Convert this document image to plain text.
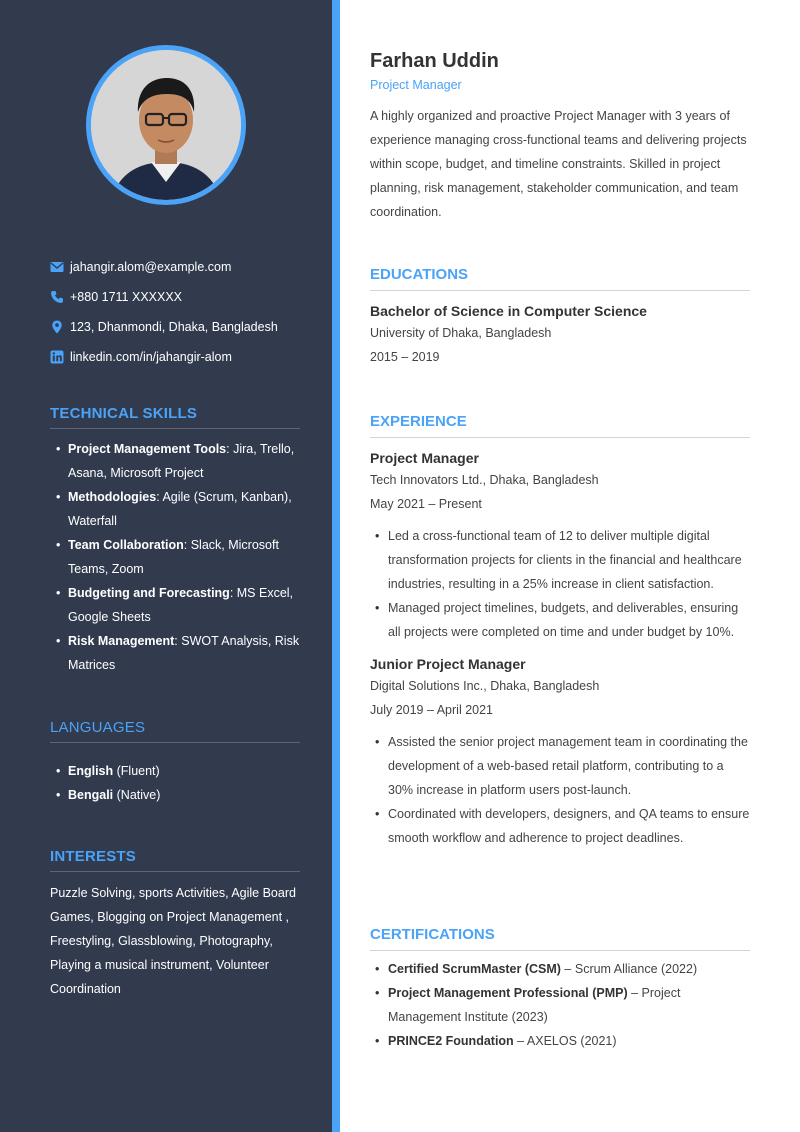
jahangir.alom@example.com
+880 1711 XXXXXX
123, Dhanmondi, Dhaka, Bangladesh
linkedin.com/in/jahangir-alom
TECHNICAL SKILLS
• Project Management Tools: Jira, Trello, Asana, Microsoft Project
• Methodologies: Agile (Scrum, Kanban), Waterfall
• Team Collaboration: Slack, Microsoft Teams, Zoom
• Budgeting and Forecasting: MS Excel, Google Sheets
• Risk Management: SWOT Analysis, Risk Matrices
LANGUAGES
• English (Fluent)
• Bengali (Native)
INTERESTS
Puzzle Solving, sports Activities, Agile Board Games, Blogging on Project Management , Freestyling, Glassblowing, Photography, Playing a musical instrument, Volunteer Coordination
Farhan Uddin
Project Manager
A highly organized and proactive Project Manager with 3 years of experience managing cross-functional teams and delivering projects within scope, budget, and timeline constraints. Skilled in project planning, risk management, stakeholder communication, and team coordination.
EDUCATIONS
Bachelor of Science in Computer Science
University of Dhaka, Bangladesh
2015 – 2019
EXPERIENCE
Project Manager
Tech Innovators Ltd., Dhaka, Bangladesh
May 2021 – Present
• Led a cross-functional team of 12 to deliver multiple digital transformation projects for clients in the financial and healthcare industries, resulting in a 25% increase in client satisfaction.
• Managed project timelines, budgets, and deliverables, ensuring all projects were completed on time and under budget by 10%.
Junior Project Manager
Digital Solutions Inc., Dhaka, Bangladesh
July 2019 – April 2021
• Assisted the senior project management team in coordinating the development of a web-based retail platform, contributing to a 30% increase in platform users post-launch.
• Coordinated with developers, designers, and QA teams to ensure smooth workflow and adherence to project deadlines.
CERTIFICATIONS
• Certified ScrumMaster (CSM) – Scrum Alliance (2022)
• Project Management Professional (PMP) – Project Management Institute (2023)
• PRINCE2 Foundation – AXELOS (2021)
